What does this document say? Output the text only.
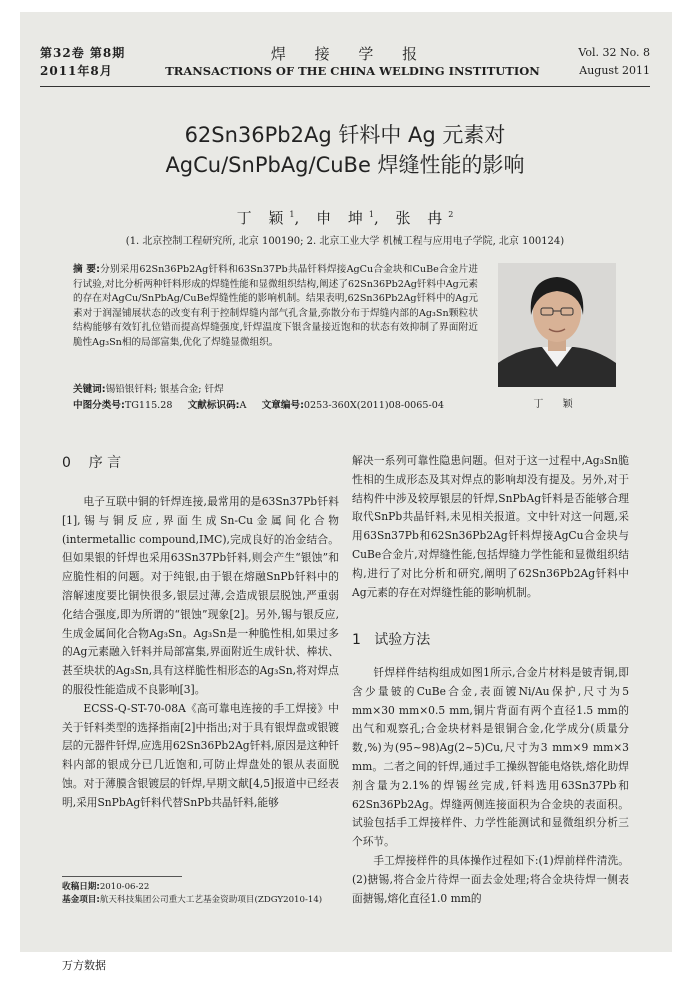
第32卷 第8期
2011年8月
焊 接 学 报
TRANSACTIONS OF THE CHINA WELDING INSTITUTION
Vol. 32 No. 8
August 2011
62Sn36Pb2Ag 钎料中 Ag 元素对
AgCu/SnPbAg/CuBe 焊缝性能的影响
丁 颖$^1$, 申 坤$^1$, 张 冉$^2$
(1. 北京控制工程研究所, 北京 100190; 2. 北京工业大学 机械工程与应用电子学院, 北京 100124)
摘 要:分别采用62Sn36Pb2Ag钎料和63Sn37Pb共晶钎料焊接AgCu合金块和CuBe合金片进行试验,对比分析两种钎料形成的焊缝性能和显微组织结构,阐述了62Sn36Pb2Ag钎料中Ag元素的存在对AgCu/SnPbAg/CuBe焊缝性能的影响机制。结果表明,62Sn36Pb2Ag钎料中的Ag元素对于润湿铺展状态的改变有利于控制焊缝内部气孔含量,弥散分布于焊缝内部的Ag₃Sn颗粒状结构能够有效钉扎位错而提高焊缝强度,钎焊温度下银含量接近饱和的状态有效抑制了界面附近脆性Ag₃Sn相的局部富集,优化了焊缝显微组织。
关键词:锡铅银钎料; 银基合金; 钎焊
中图分类号:TG115.28 文献标识码:A 文章编号:0253-360X(2011)08-0065-04	丁 颖
0 序 言

电子互联中铜的钎焊连接,最常用的是63Sn37Pb钎料[1],锡与铜反应,界面生成Sn-Cu金属间化合物(intermetallic compound,IMC),完成良好的冶金结合。但如果银的钎焊也采用63Sn37Pb钎料,则会产生“银蚀”和应脆性相的问题。对于纯银,由于银在熔融SnPb钎料中的溶解速度要比铜快很多,银层过薄,会造成银层脱蚀,严重弱化结合强度,即为所谓的“银蚀”现象[2]。另外,锡与银反应,生成金属间化合物Ag₃Sn。Ag₃Sn是一种脆性相,如果过多的Ag元素融入钎料并局部富集,界面附近生成针状、棒状、甚至块状的Ag₃Sn,具有这样脆性相形态的Ag₃Sn,将对焊点的服役性能造成不良影响[3]。

ECSS-Q-ST-70-08A《高可靠电连接的手工焊接》中关于钎料类型的选择指南[2]中指出;对于具有银焊盘或银镀层的元器件钎焊,应选用62Sn36Pb2Ag钎料,原因是这种钎料内部的银成分已几近饱和,可防止焊盘处的银从表面脱蚀。对于薄膜含银镀层的钎焊,早期文献[4,5]报道中已经表明,采用SnPbAg钎料代替SnPb共晶钎料,能够

解决一系列可靠性隐患问题。但对于这一过程中,Ag₃Sn脆性相的生成形态及其对焊点的影响却没有提及。另外,对于结构件中涉及较厚银层的钎焊,SnPbAg钎料是否能够合理取代SnPb共晶钎料,未见相关报道。文中针对这一问题,采用63Sn37Pb和62Sn36Pb2Ag钎料焊接AgCu合金块与CuBe合金片,对焊缝性能,包括焊缝力学性能和显微组织结构,进行了对比分析和研究,阐明了62Sn36Pb2Ag钎料中Ag元素的存在对焊缝性能的影响机制。

1 试验方法

钎焊样件结构组成如图1所示,合金片材料是铍青铜,即含少量铍的CuBe合金,表面镀Ni/Au保护,尺寸为5 mm×30 mm×0.5 mm,铜片背面有两个直径1.5 mm的出气和观察孔;合金块材料是银铜合金,化学成分(质量分数,%)为(95~98)Ag(2~5)Cu,尺寸为3 mm×9 mm×3 mm。二者之间的钎焊,通过手工操纵智能电烙铁,熔化助焊剂含量为2.1%的焊锡丝完成,钎料选用63Sn37Pb和62Sn36Pb2Ag。焊缝两侧连接面积为合金块的表面积。试验包括手工焊接样件、力学性能测试和显微组织分析三个环节。

手工焊接样件的具体操作过程如下:(1)焊前样件清洗。(2)搪锡,将合金片待焊一面去金处理;将合金块待焊一侧表面搪锡,熔化直径1.0 mm的

收稿日期:2010-06-22
基金项目:航天科技集团公司重大工艺基金资助项目(ZDGY2010-14)
万方数据
